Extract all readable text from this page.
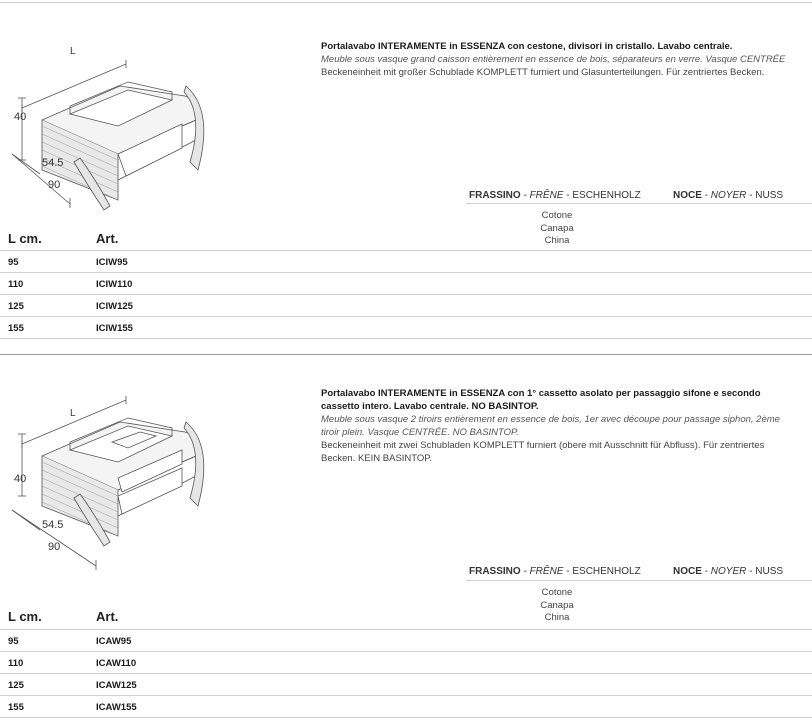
L
40
54.5
90
Portalavabo INTERAMENTE in ESSENZA con cestone, divisori in cristallo. Lavabo centrale.
Meuble sous vasque grand caisson entièrement en essence de bois, séparateurs en verre. Vasque CENTRÉE
Beckeneinheit mit großer Schublade KOMPLETT furniert und Glasunterteilungen. Für zentriertes Becken.
FRASSINO - FRÊNE - ESCHENHOLZ	NOCE - NOYER - NUSS
Cotone
Canapa
China
L cm.	Art.
95	ICIW95
110	ICIW110
125	ICIW125
155	ICIW155
L
40
54.5
90
Portalavabo INTERAMENTE in ESSENZA con 1° cassetto asolato per passaggio sifone e secondo cassetto intero. Lavabo centrale. NO BASINTOP.
Meuble sous vasque 2 tiroirs entièrement en essence de bois, 1er avec découpe pour passage siphon, 2ème tiroir plein. Vasque CENTRÉE. NO BASINTOP.
Beckeneinheit mit zwei Schubladen KOMPLETT furniert (obere mit Ausschnitt für Abfluss). Für zentriertes Becken. KEIN BASINTOP.
FRASSINO - FRÊNE - ESCHENHOLZ	NOCE - NOYER - NUSS
Cotone
Canapa
China
L cm.	Art.
95	ICAW95
110	ICAW110
125	ICAW125
155	ICAW155
